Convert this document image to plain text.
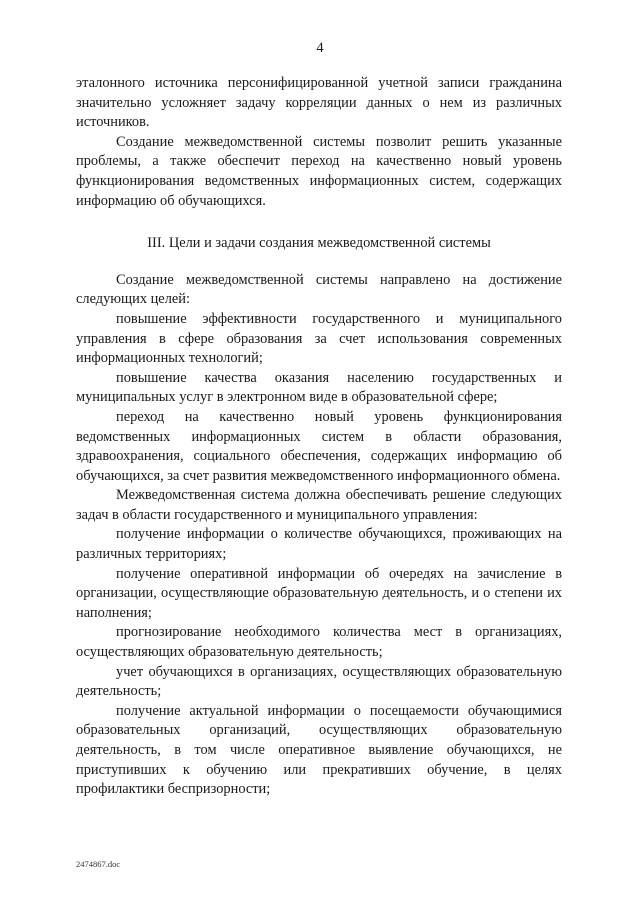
4

эталонного источника персонифицированной учетной записи гражданина значительно усложняет задачу корреляции данных о нем из различных источников.

Создание межведомственной системы позволит решить указанные проблемы, а также обеспечит переход на качественно новый уровень функционирования ведомственных информационных систем, содержащих информацию об обучающихся.

III. Цели и задачи создания межведомственной системы

Создание межведомственной системы направлено на достижение следующих целей:

повышение эффективности государственного и муниципального управления в сфере образования за счет использования современных информационных технологий;

повышение качества оказания населению государственных и муниципальных услуг в электронном виде в образовательной сфере;

переход на качественно новый уровень функционирования ведомственных информационных систем в области образования, здравоохранения, социального обеспечения, содержащих информацию об обучающихся, за счет развития межведомственного информационного обмена.

Межведомственная система должна обеспечивать решение следующих задач в области государственного и муниципального управления:

получение информации о количестве обучающихся, проживающих на различных территориях;

получение оперативной информации об очередях на зачисление в организации, осуществляющие образовательную деятельность, и о степени их наполнения;

прогнозирование необходимого количества мест в организациях, осуществляющих образовательную деятельность;

учет обучающихся в организациях, осуществляющих образовательную деятельность;

получение актуальной информации о посещаемости обучающимися образовательных организаций, осуществляющих образовательную деятельность, в том числе оперативное выявление обучающихся, не приступивших к обучению или прекративших обучение, в целях профилактики беспризорности;

2474867.doc
